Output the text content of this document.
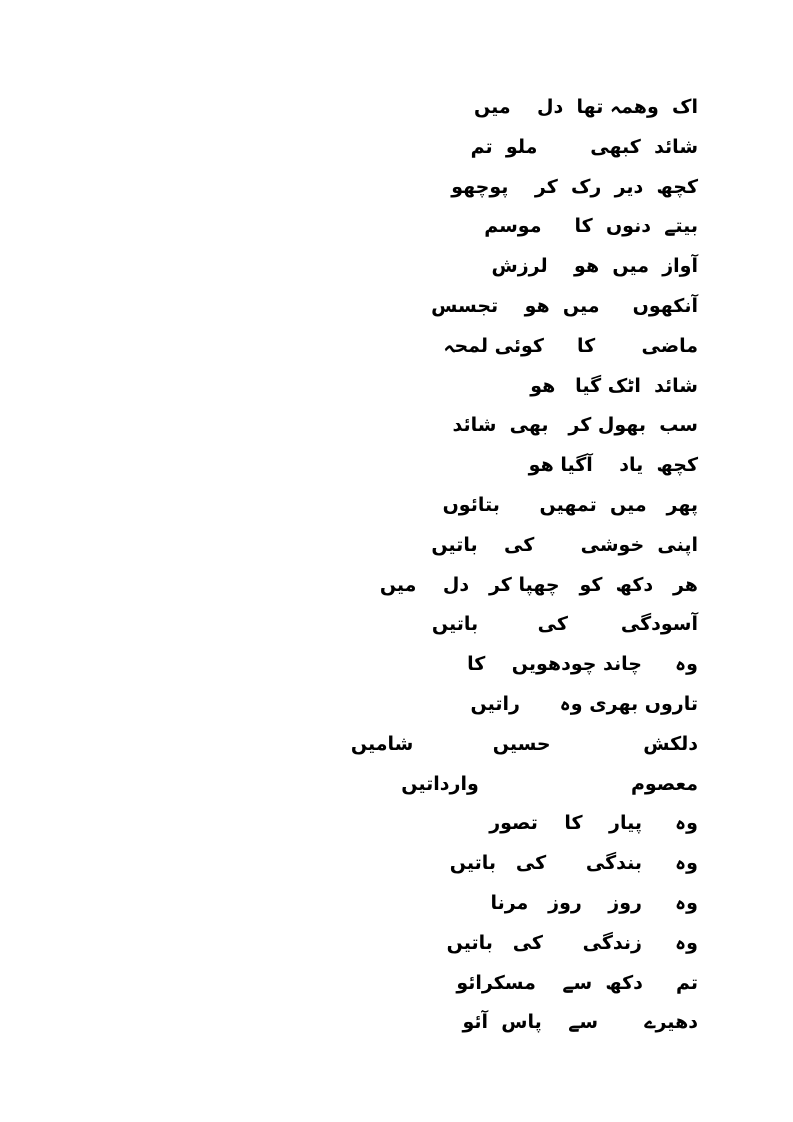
اک  وھمہ تھا  دل    میں
شائد  کبھی        ملو  تم
کچھ  دیر  رک  کر    پوچھو
بیتے  دنوں  کا     موسم
آواز  میں  ھو    لرزش
آنکھوں     میں  ھو    تجسس
ماضی       کا     کوئی لمحہ
شائد  اٹک گیا   ھو
سب  بھول کر   بھی  شائد
کچھ  یاد    آگیا ھو
پھر   میں  تمھیں      بتائوں
اپنی  خوشی       کی    باتیں
ھر   دکھ  کو   چھپا کر   دل    میں
آسودگی        کی         باتیں
وہ     چاند چودھویں    کا
تاروں بھری وہ      راتیں
دلکش              حسیں            شامیں
معصوم                       وارداتیں
وہ     پیار    کا    تصور
وہ     بندگی      کی   باتیں
وہ     روز    روز   مرنا
وہ     زندگی      کی   باتیں
تم     دکھ  سے    مسکرائو
دھیرے       سے    پاس  آئو
